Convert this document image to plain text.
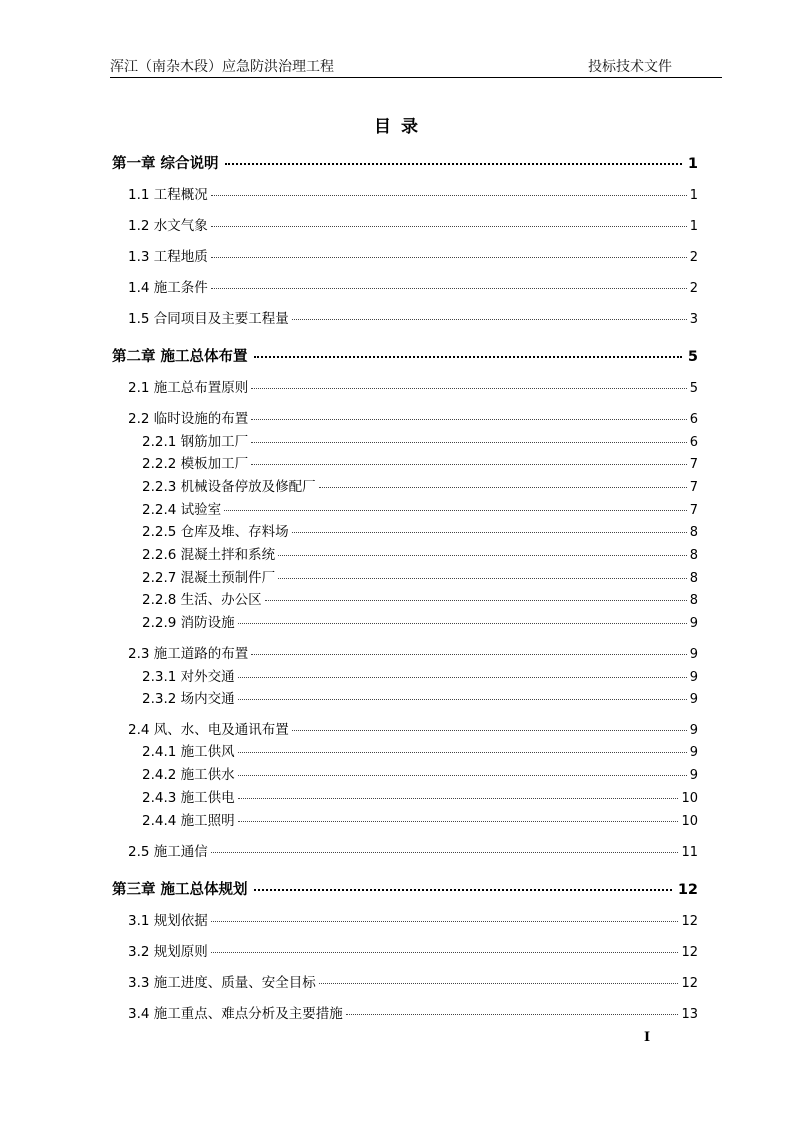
浑江（南杂木段）应急防洪治理工程	投标技术文件
目 录
第一章 综合说明	1
1.1 工程概况	1
1.2 水文气象	1
1.3 工程地质	2
1.4 施工条件	2
1.5 合同项目及主要工程量	3
第二章 施工总体布置	5
2.1 施工总布置原则	5
2.2 临时设施的布置	6
2.2.1 钢筋加工厂	6
2.2.2 模板加工厂	7
2.2.3 机械设备停放及修配厂	7
2.2.4 试验室	7
2.2.5 仓库及堆、存料场	8
2.2.6 混凝土拌和系统	8
2.2.7 混凝土预制件厂	8
2.2.8 生活、办公区	8
2.2.9 消防设施	9
2.3 施工道路的布置	9
2.3.1 对外交通	9
2.3.2 场内交通	9
2.4 风、水、电及通讯布置	9
2.4.1 施工供风	9
2.4.2 施工供水	9
2.4.3 施工供电	10
2.4.4 施工照明	10
2.5 施工通信	11
第三章 施工总体规划	12
3.1 规划依据	12
3.2 规划原则	12
3.3 施工进度、质量、安全目标	12
3.4 施工重点、难点分析及主要措施	13
I
